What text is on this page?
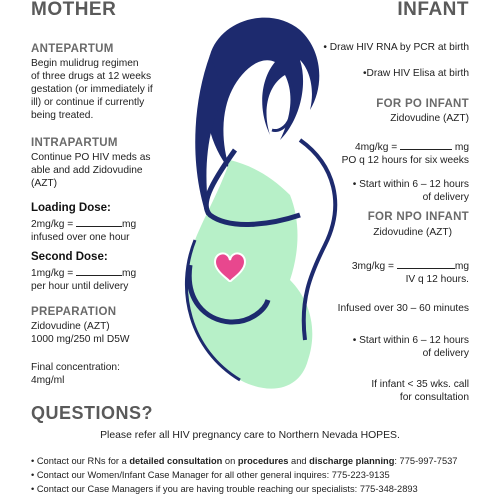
MOTHER	INFANT
ANTEPARTUM
Begin mulidrug regimen
of three drugs at 12 weeks
gestation (or immediately if
ill) or continue if currently
being treated.
INTRAPARTUM
Continue PO HIV meds as
able and add Zidovudine
(AZT)
Loading Dose:
2mg/kg =	mg
infused over one hour
Second Dose:
1mg/kg =	mg
per hour until delivery
PREPARATION
Zidovudine (AZT)
1000 mg/250 ml D5W
Final concentration:
4mg/ml
• Draw HIV RNA by PCR at birth
•Draw HIV Elisa at birth
FOR PO INFANT
Zidovudine (AZT)
4mg/kg =	mg
PO q 12 hours for six weeks
• Start within 6 – 12 hours
of delivery
FOR NPO INFANT
Zidovudine (AZT)
3mg/kg =	mg
IV q 12 hours.
Infused over 30 – 60 minutes
• Start within 6 – 12 hours
of delivery
If infant < 35 wks. call
for consultation
QUESTIONS?
Please refer all HIV pregnancy care to Northern Nevada HOPES.
• Contact our RNs for a detailed consultation on procedures and discharge planning: 775-997-7537
• Contact our Women/Infant Case Manager for all other general inquires: 775-223-9135
• Contact our Case Managers if you are having trouble reaching our specialists: 775-348-2893
